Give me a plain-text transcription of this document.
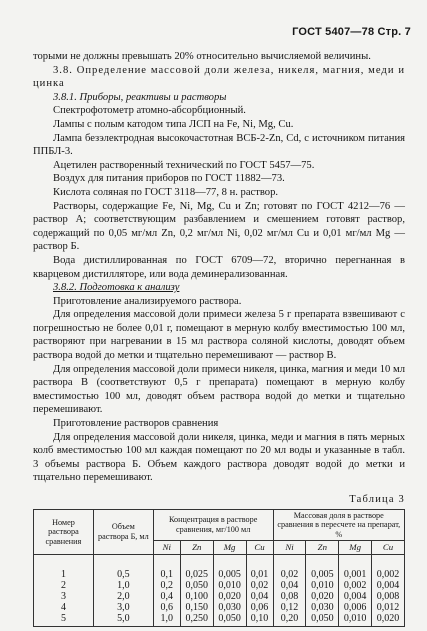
ГОСТ 5407—78 Стр. 7

торыми не должны превышать 20% относительно вычисляемой величины.

3.8. Определение массовой доли железа, никеля, магния, меди и цинка

3.8.1. Приборы, реактивы и растворы

Спектрофотометр атомно-абсорбционный.

Лампы с полым катодом типа ЛСП на Fe, Ni, Mg, Cu.

Лампа безэлектродная высокочастотная ВСБ-2-Zn, Cd, с источником питания ППБЛ-3.

Ацетилен растворенный технический по ГОСТ 5457—75.

Воздух для питания приборов по ГОСТ 11882—73.

Кислота соляная по ГОСТ 3118—77, 8 н. раствор.

Растворы, содержащие Fe, Ni, Mg, Cu и Zn; готовят по ГОСТ 4212—76 — раствор А; соответствующим разбавлением и смешением готовят раствор, содержащий по 0,05 мг/мл Zn, 0,2 мг/мл Ni, 0,02 мг/мл Cu и 0,01 мг/мл Mg — раствор Б.

Вода дистиллированная по ГОСТ 6709—72, вторично перегнанная в кварцевом дистилляторе, или вода деминерализованная.

3.8.2. Подготовка к анализу

Приготовление анализируемого раствора.

Для определения массовой доли примеси железа 5 г препарата взвешивают с погрешностью не более 0,01 г, помещают в мерную колбу вместимостью 100 мл, растворяют при нагревании в 15 мл раствора соляной кислоты, доводят объем раствора водой до метки и тщательно перемешивают — раствор В.

Для определения массовой доли примеси никеля, цинка, магния и меди 10 мл раствора В (соответствуют 0,5 г препарата) помещают в мерную колбу вместимостью 100 мл, доводят объем раствора водой до метки и тщательно перемешивают.

Приготовление растворов сравнения

Для определения массовой доли никеля, цинка, меди и магния в пять мерных колб вместимостью 100 мл каждая помещают по 20 мл воды и указанные в табл. 3 объемы раствора Б. Объем каждого раствора доводят водой до метки и тщательно перемешивают.

Таблица 3
Номер раствора сравнения	Объем раствора Б, мл	Концентрация в растворе сравнения, мг/100 мл				Массовая доля в растворе сравнения в пересчете на препарат, %			
		Ni	Zn	Mg	Cu	Ni	Zn	Mg	Cu
1	0,5	0,1	0,025	0,005	0,01	0,02	0,005	0,001	0,002
2	1,0	0,2	0,050	0,010	0,02	0,04	0,010	0,002	0,004
3	2,0	0,4	0,100	0,020	0,04	0,08	0,020	0,004	0,008
4	3,0	0,6	0,150	0,030	0,06	0,12	0,030	0,006	0,012
5	5,0	1,0	0,250	0,050	0,10	0,20	0,050	0,010	0,020
